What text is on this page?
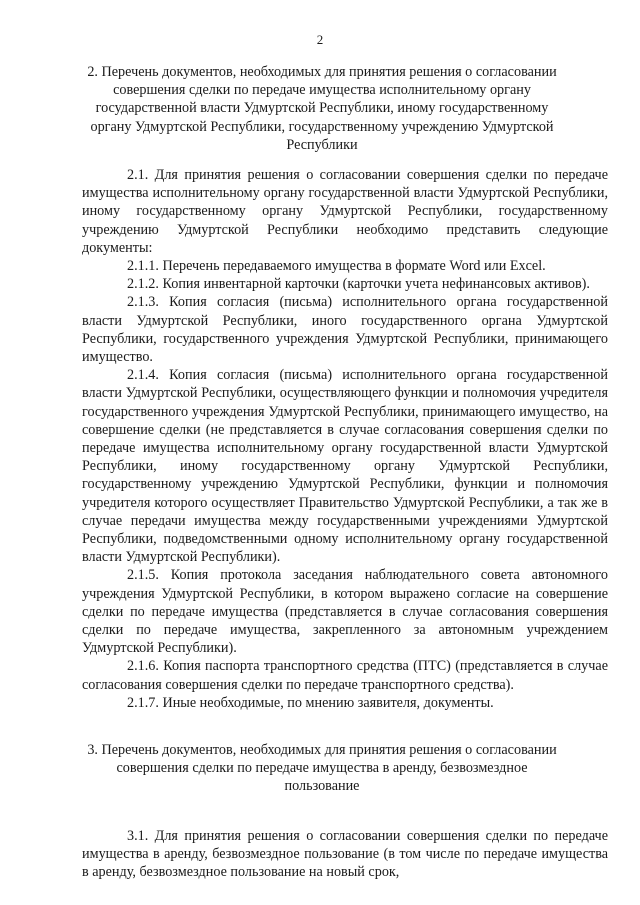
2
2. Перечень документов, необходимых для принятия решения о согласовании
совершения сделки по передаче имущества исполнительному органу
государственной власти Удмуртской Республики, иному государственному
органу Удмуртской Республики, государственному учреждению Удмуртской
Республики

2.1. Для принятия решения о согласовании совершения сделки по передаче имущества исполнительному органу государственной власти Удмуртской Республики, иному государственному органу Удмуртской Республики, государственному учреждению Удмуртской Республики необходимо представить следующие документы:

2.1.1. Перечень передаваемого имущества в формате Word или Excel.

2.1.2. Копия инвентарной карточки (карточки учета нефинансовых активов).

2.1.3. Копия согласия (письма) исполнительного органа государственной власти Удмуртской Республики, иного государственного органа Удмуртской Республики, государственного учреждения Удмуртской Республики, принимающего имущество.

2.1.4. Копия согласия (письма) исполнительного органа государственной власти Удмуртской Республики, осуществляющего функции и полномочия учредителя государственного учреждения Удмуртской Республики, принимающего имущество, на совершение сделки (не представляется в случае согласования совершения сделки по передаче имущества исполнительному органу государственной власти Удмуртской Республики, иному государственному органу Удмуртской Республики, государственному учреждению Удмуртской Республики, функции и полномочия учредителя которого осуществляет Правительство Удмуртской Республики, а так же в случае передачи имущества между государственными учреждениями Удмуртской Республики, подведомственными одному исполнительному органу государственной власти Удмуртской Республики).

2.1.5. Копия протокола заседания наблюдательного совета автономного учреждения Удмуртской Республики, в котором выражено согласие на совершение сделки по передаче имущества (представляется в случае согласования совершения сделки по передаче имущества, закрепленного за автономным учреждением Удмуртской Республики).

2.1.6. Копия паспорта транспортного средства (ПТС) (представляется в случае согласования совершения сделки по передаче транспортного средства).

2.1.7. Иные необходимые, по мнению заявителя, документы.

3. Перечень документов, необходимых для принятия решения о согласовании
совершения сделки по передаче имущества в аренду, безвозмездное
пользование

3.1. Для принятия решения о согласовании совершения сделки по передаче имущества в аренду, безвозмездное пользование (в том числе по передаче имущества в аренду, безвозмездное пользование на новый срок,
